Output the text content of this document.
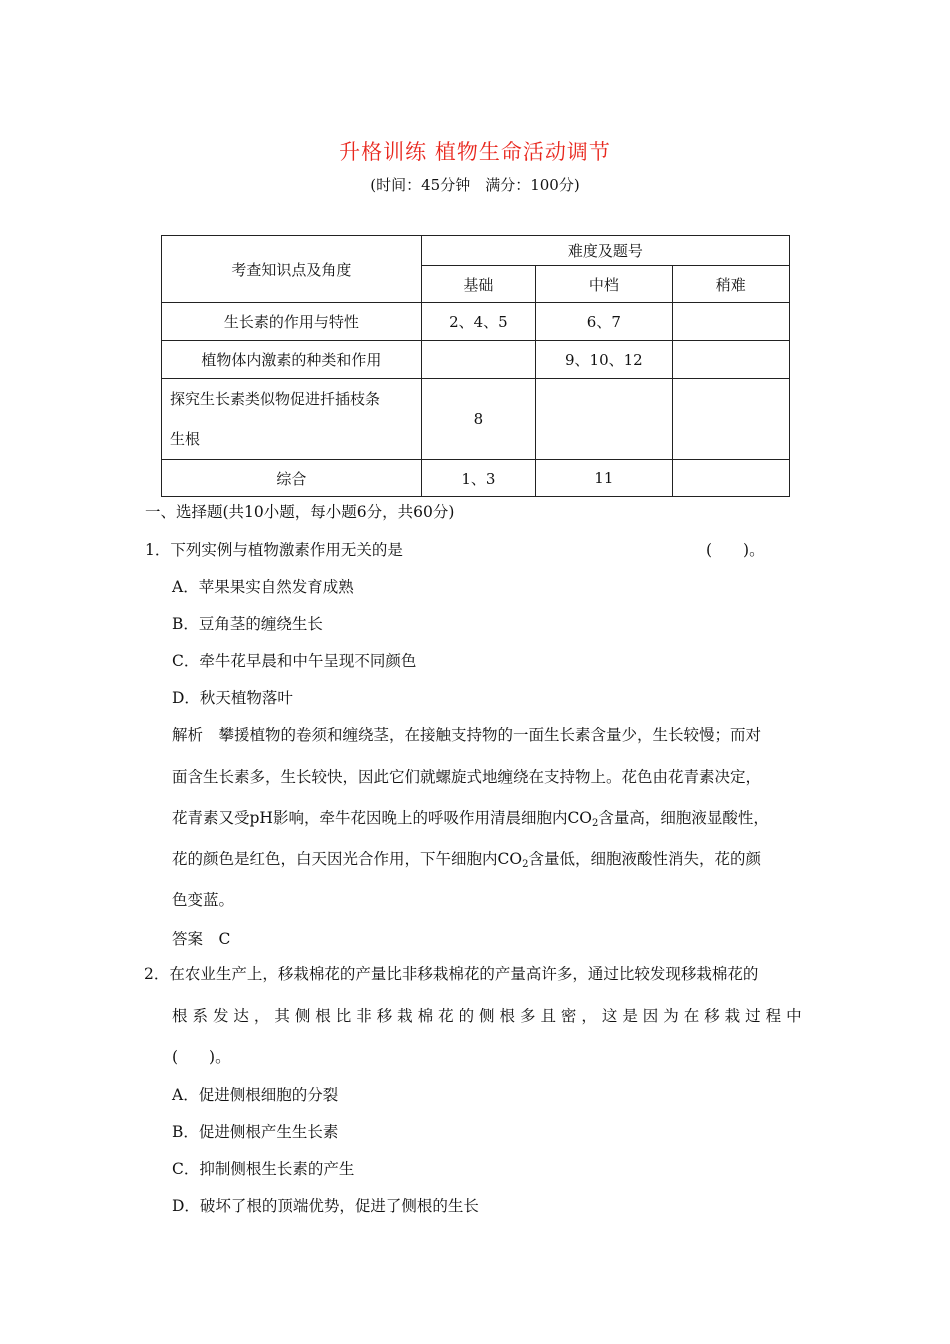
升格训练 植物生命活动调节
(时间：45分钟　满分：100分)
考查知识点及角度	难度及题号		
	基础	中档	稍难
生长素的作用与特性	2、4、5	6、7	
植物体内激素的种类和作用		9、10、12	

探究生长素类似物促进扦插枝条
生根	8		
综合	1、3	11	
一、选择题(共10小题，每小题6分，共60分)
1．下列实例与植物激素作用无关的是	(　　)。
A．苹果果实自然发育成熟
B．豆角茎的缠绕生长
C．牵牛花早晨和中午呈现不同颜色
D．秋天植物落叶
解析　攀援植物的卷须和缠绕茎，在接触支持物的一面生长素含量少，生长较慢；而对
面含生长素多，生长较快，因此它们就螺旋式地缠绕在支持物上。花色由花青素决定，
花青素又受pH影响，牵牛花因晚上的呼吸作用清晨细胞内$CO_2$含量高，细胞液显酸性，
花的颜色是红色，白天因光合作用，下午细胞内$CO_2$含量低，细胞液酸性消失，花的颜
色变蓝。
答案　C
2．在农业生产上，移栽棉花的产量比非移栽棉花的产量高许多，通过比较发现移栽棉花的
根 系 发 达 ， 其 侧 根 比 非 移 栽 棉 花 的 侧 根 多 且 密 ， 这 是 因 为 在 移 栽 过 程 中
(　　)。
A．促进侧根细胞的分裂
B．促进侧根产生生长素
C．抑制侧根生长素的产生
D．破坏了根的顶端优势，促进了侧根的生长
